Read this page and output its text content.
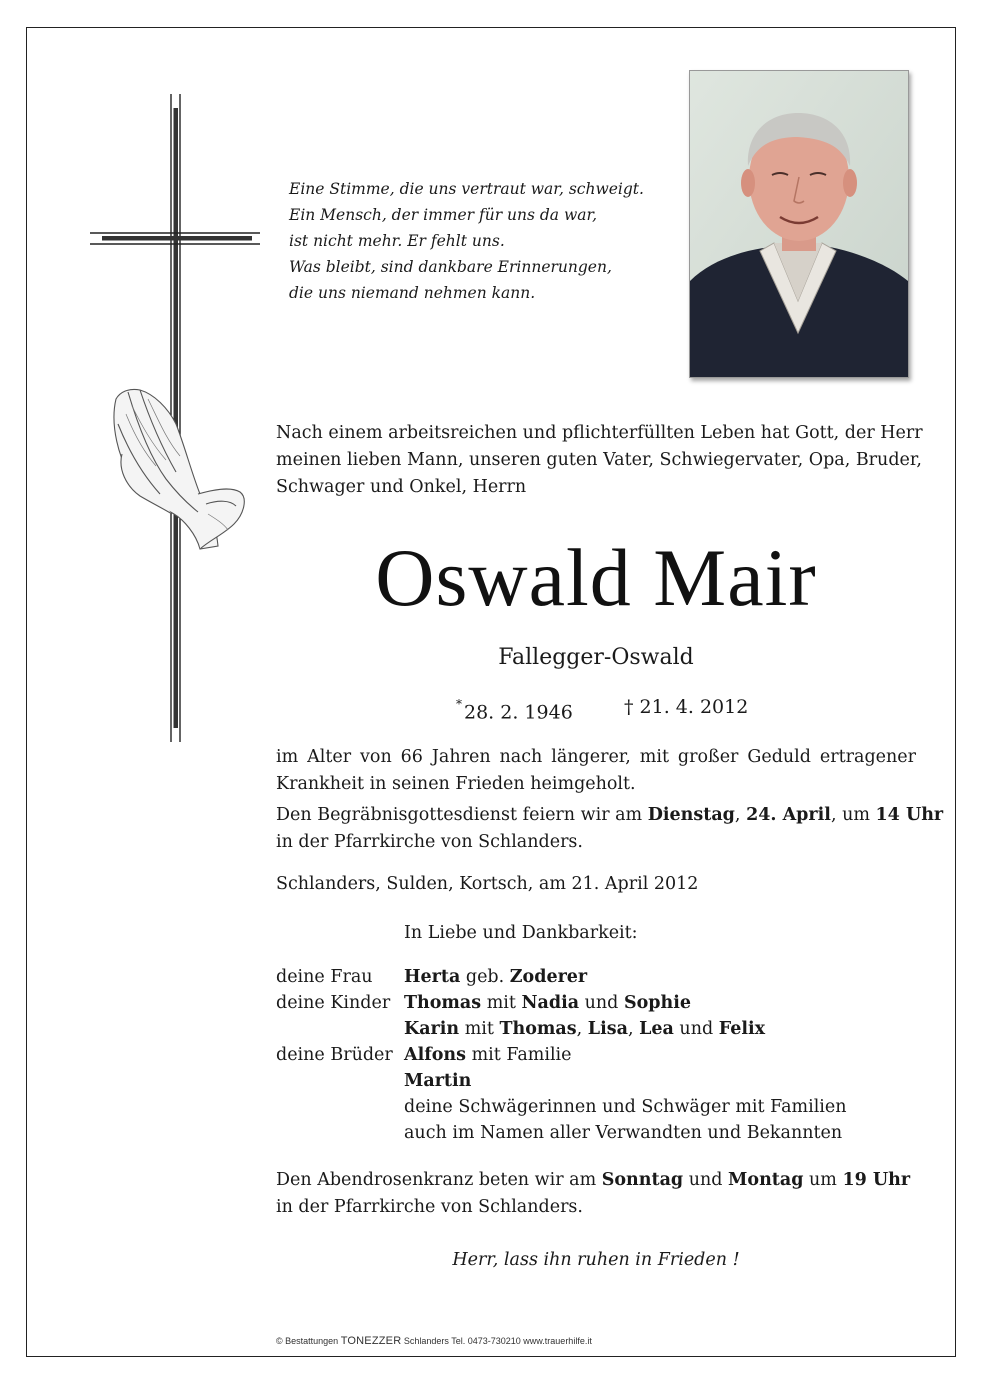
Eine Stimme, die uns vertraut war, schweigt.
Ein Mensch, der immer für uns da war,
ist nicht mehr. Er fehlt uns.
Was bleibt, sind dankbare Erinnerungen,
die uns niemand nehmen kann.
Nach einem arbeitsreichen und pflichterfüllten Leben hat Gott, der Herr
meinen lieben Mann, unseren guten Vater, Schwiegervater, Opa, Bruder,
Schwager und Onkel, Herrn
Oswald Mair
Fallegger-Oswald
* 28. 2. 1946	† 21. 4. 2012
im Alter von 66 Jahren nach längerer, mit großer Geduld ertragener
Krankheit in seinen Frieden heimgeholt.
Den Begräbnisgottesdienst feiern wir am Dienstag, 24. April, um 14 Uhr
in der Pfarrkirche von Schlanders.
Schlanders, Sulden, Kortsch, am 21. April 2012
In Liebe und Dankbarkeit:
deine Frau Herta geb. Zoderer
deine Kinder Thomas mit Nadia und Sophie
Karin mit Thomas, Lisa, Lea und Felix
deine Brüder Alfons mit Familie
Martin
deine Schwägerinnen und Schwäger mit Familien
auch im Namen aller Verwandten und Bekannten
Den Abendrosenkranz beten wir am Sonntag und Montag um 19 Uhr
in der Pfarrkirche von Schlanders.
Herr, lass ihn ruhen in Frieden !
© Bestattungen TONEZZER Schlanders Tel. 0473-730210 www.trauerhilfe.it
